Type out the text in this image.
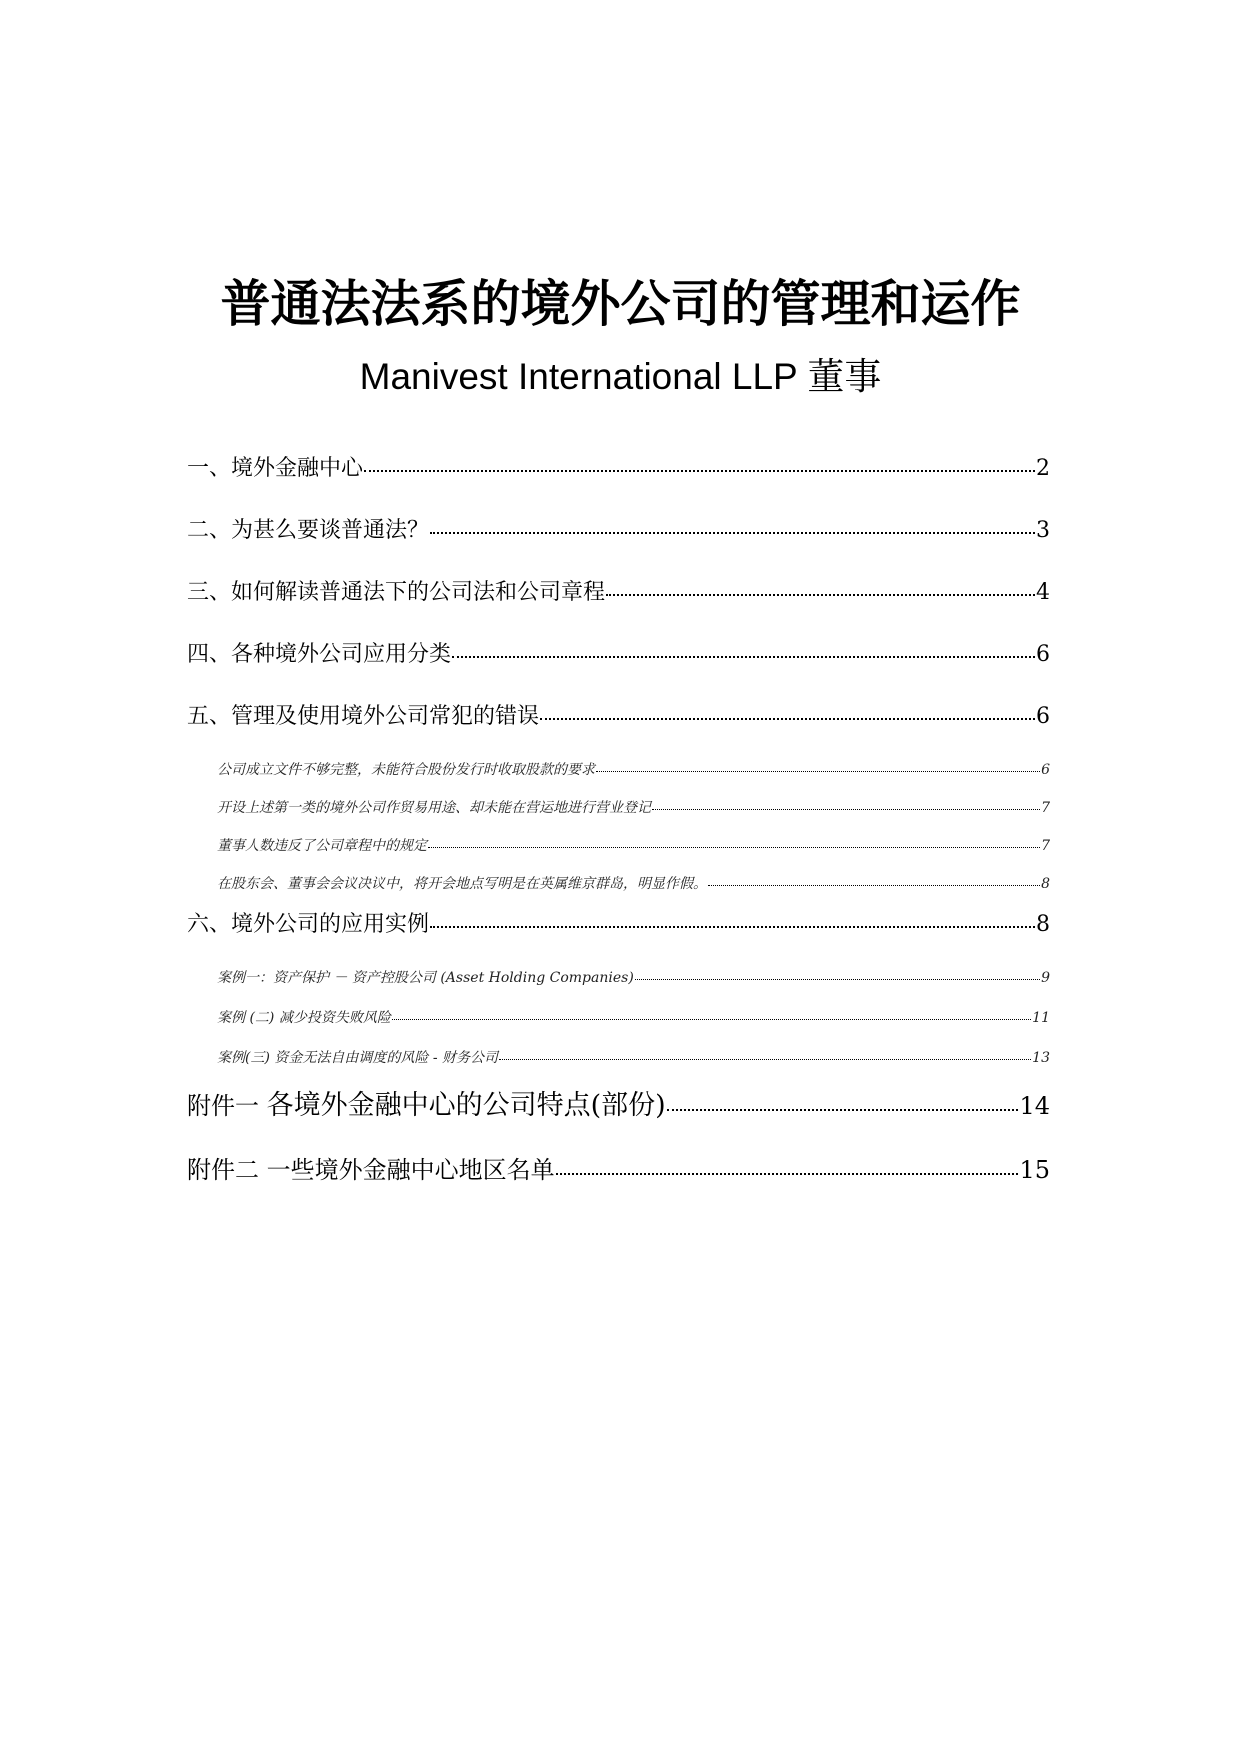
普通法法系的境外公司的管理和运作
Manivest International LLP 董事
一、境外金融中心	2
二、为甚么要谈普通法？	3
三、如何解读普通法下的公司法和公司章程	4
四、各种境外公司应用分类	6
五、管理及使用境外公司常犯的错误	6
公司成立文件不够完整，未能符合股份发行时收取股款的要求	6
开设上述第一类的境外公司作贸易用途、却未能在营运地进行营业登记	7
董事人数违反了公司章程中的规定	7
在股东会、董事会会议决议中，将开会地点写明是在英属维京群岛，明显作假。	8
六、境外公司的应用实例	8
案例一：资产保护 － 资产控股公司 (Asset Holding Companies)	9
案例 (二) 减少投资失败风险	11
案例(三) 资金无法自由调度的风险 - 财务公司	13
附件一 各境外金融中心的公司特点(部份)	14
附件二 一些境外金融中心地区名单	15
